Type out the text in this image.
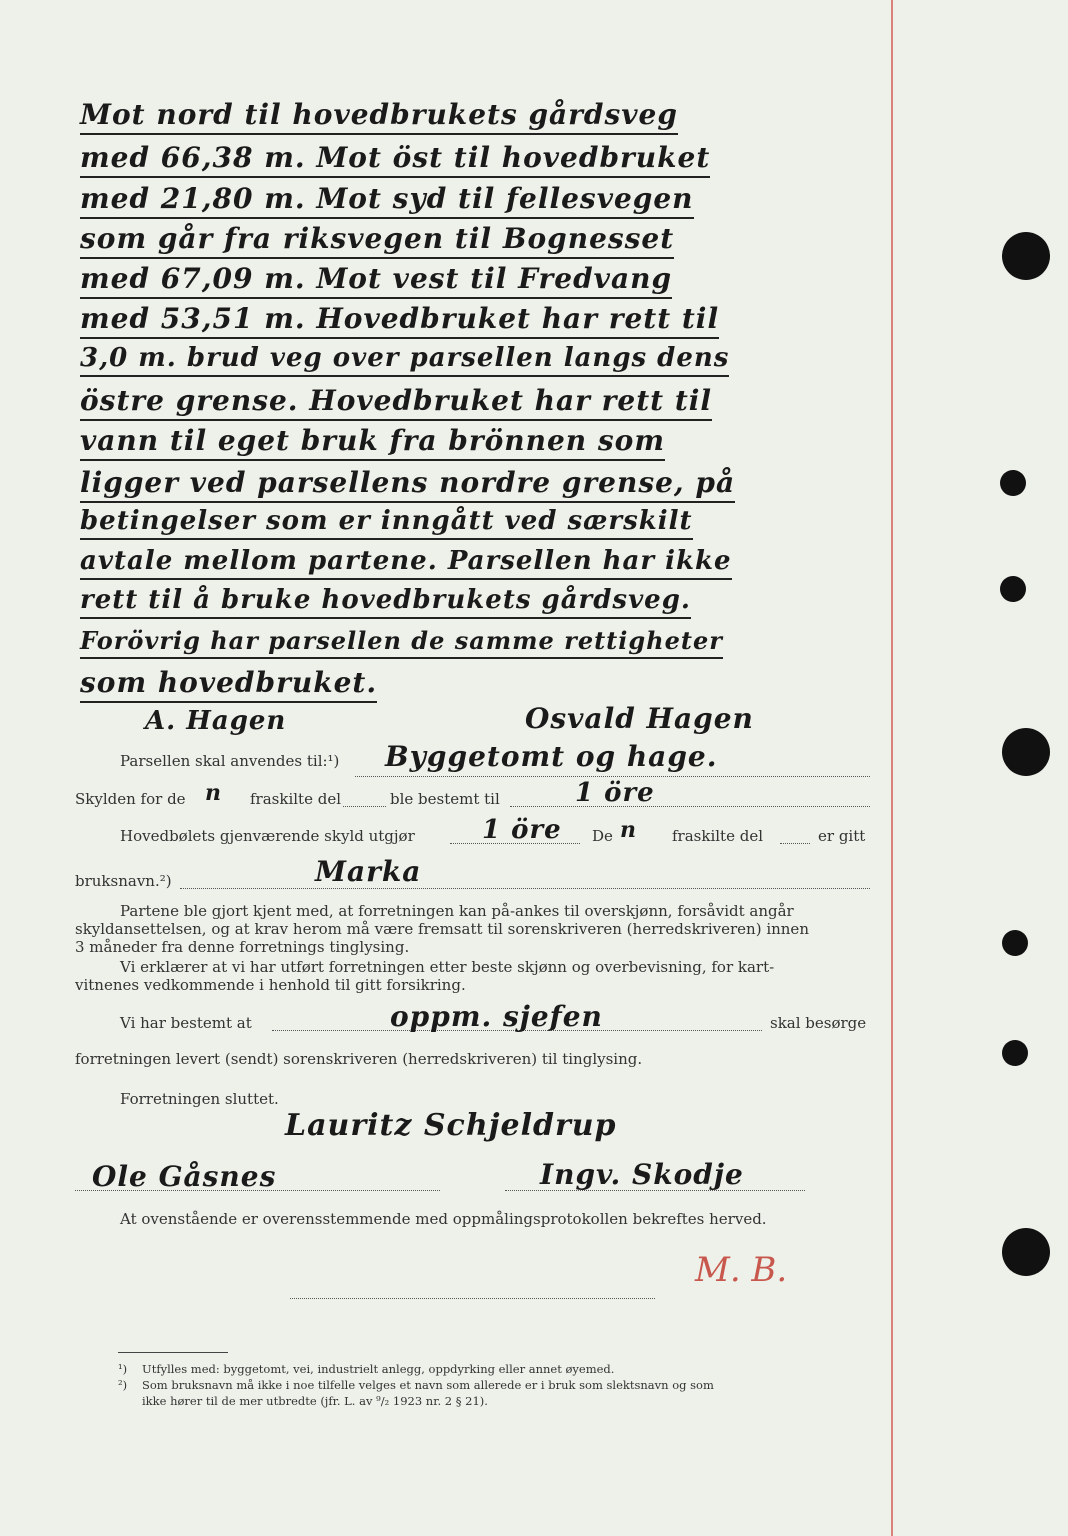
Mot nord til hovedbrukets gårdsveg
med 66,38 m. Mot öst til hovedbruket
med 21,80 m. Mot syd til fellesvegen
som går fra riksvegen til Bognesset
med 67,09 m. Mot vest til Fredvang
med 53,51 m. Hovedbruket har rett til
3,0 m. brud veg over parsellen langs dens
östre grense. Hovedbruket har rett til
vann til eget bruk fra brönnen som
ligger ved parsellens nordre grense, på
betingelser som er inngått ved særskilt
avtale mellom partene. Parsellen har ikke
rett til å bruke hovedbrukets gårdsveg.
Forövrig har parsellen de samme rettigheter
som hovedbruket.
A. Hagen	Osvald Hagen
Parsellen skal anvendes til:¹) Byggetomt og hage.
Skylden for de n fraskilte del	ble bestemt til	1 öre
Hovedbølets gjenværende skyld utgjør	1 öre De n fraskilte del	er gitt
bruksnavn.²)	Marka
Partene ble gjort kjent med, at forretningen kan på-ankes til overskjønn, forsåvidt angår
skyldansettelsen, og at krav herom må være fremsatt til sorenskriveren (herredskriveren) innen
3 måneder fra denne forretnings tinglysing.
Vi erklærer at vi har utført forretningen etter beste skjønn og overbevisning, for kart-
vitnenes vedkommende i henhold til gitt forsikring.
Vi har bestemt at	oppm. sjefen	skal besørge
forretningen levert (sendt) sorenskriveren (herredskriveren) til tinglysing.
Forretningen sluttet.
Lauritz Schjeldrup
Ole Gåsnes	Ingv. Skodje
At ovenstående er overensstemmende med oppmålingsprotokollen bekreftes herved.
M. B.
¹) Utfylles med: byggetomt, vei, industrielt anlegg, oppdyrking eller annet øyemed.
²) Som bruksnavn må ikke i noe tilfelle velges et navn som allerede er i bruk som slektsnavn og som
ikke hører til de mer utbredte (jfr. L. av ⁹/₂ 1923 nr. 2 § 21).
